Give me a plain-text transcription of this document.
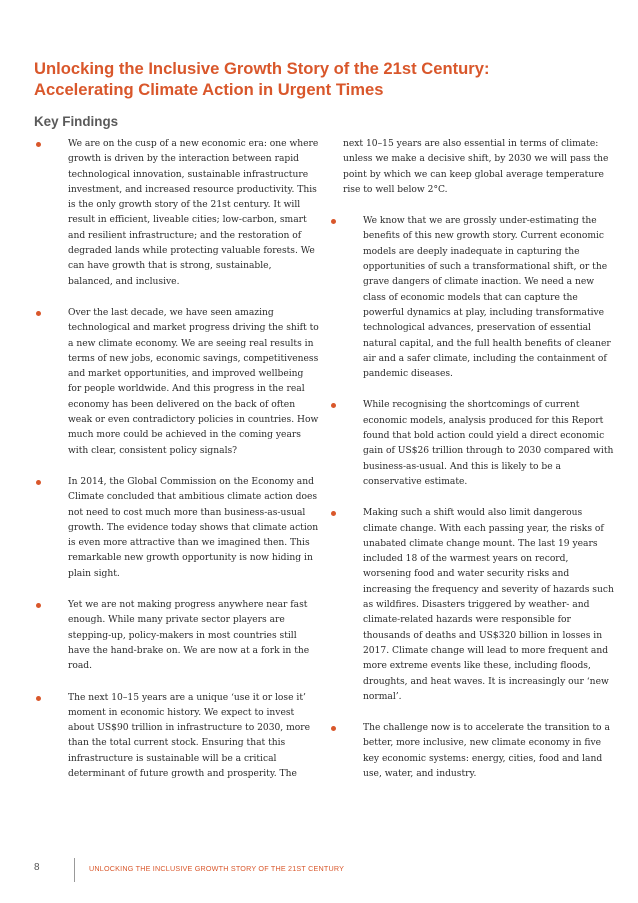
Unlocking the Inclusive Growth Story of the 21st Century:
Accelerating Climate Action in Urgent Times
Key Findings
We are on the cusp of a new economic era: one where growth is driven by the interaction between rapid technological innovation, sustainable infrastructure investment, and increased resource productivity. This is the only growth story of the 21st century. It will result in efficient, liveable cities; low-carbon, smart and resilient infrastructure; and the restoration of degraded lands while protecting valuable forests. We can have growth that is strong, sustainable, balanced, and inclusive.
Over the last decade, we have seen amazing technological and market progress driving the shift to a new climate economy. We are seeing real results in terms of new jobs, economic savings, competitiveness and market opportunities, and improved wellbeing for people worldwide. And this progress in the real economy has been delivered on the back of often weak or even contradictory policies in countries. How much more could be achieved in the coming years with clear, consistent policy signals?
In 2014, the Global Commission on the Economy and Climate concluded that ambitious climate action does not need to cost much more than business-as-usual growth. The evidence today shows that climate action is even more attractive than we imagined then. This remarkable new growth opportunity is now hiding in plain sight.
Yet we are not making progress anywhere near fast enough. While many private sector players are stepping-up, policy-makers in most countries still have the hand-brake on. We are now at a fork in the road.
The next 10–15 years are a unique ‘use it or lose it’ moment in economic history. We expect to invest about US$90 trillion in infrastructure to 2030, more than the total current stock. Ensuring that this infrastructure is sustainable will be a critical determinant of future growth and prosperity. The
next 10–15 years are also essential in terms of climate: unless we make a decisive shift, by 2030 we will pass the point by which we can keep global average temperature rise to well below 2°C.
We know that we are grossly under-estimating the benefits of this new growth story. Current economic models are deeply inadequate in capturing the opportunities of such a transformational shift, or the grave dangers of climate inaction. We need a new class of economic models that can capture the powerful dynamics at play, including transformative technological advances, preservation of essential natural capital, and the full health benefits of cleaner air and a safer climate, including the containment of pandemic diseases.
While recognising the shortcomings of current economic models, analysis produced for this Report found that bold action could yield a direct economic gain of US$26 trillion through to 2030 compared with business-as-usual. And this is likely to be a conservative estimate.
Making such a shift would also limit dangerous climate change. With each passing year, the risks of unabated climate change mount. The last 19 years included 18 of the warmest years on record, worsening food and water security risks and increasing the frequency and severity of hazards such as wildfires. Disasters triggered by weather- and climate-related hazards were responsible for thousands of deaths and US$320 billion in losses in 2017. Climate change will lead to more frequent and more extreme events like these, including floods, droughts, and heat waves. It is increasingly our ‘new normal’.
The challenge now is to accelerate the transition to a better, more inclusive, new climate economy in five key economic systems: energy, cities, food and land use, water, and industry.
8	UNLOCKING THE INCLUSIVE GROWTH STORY OF THE 21ST CENTURY
